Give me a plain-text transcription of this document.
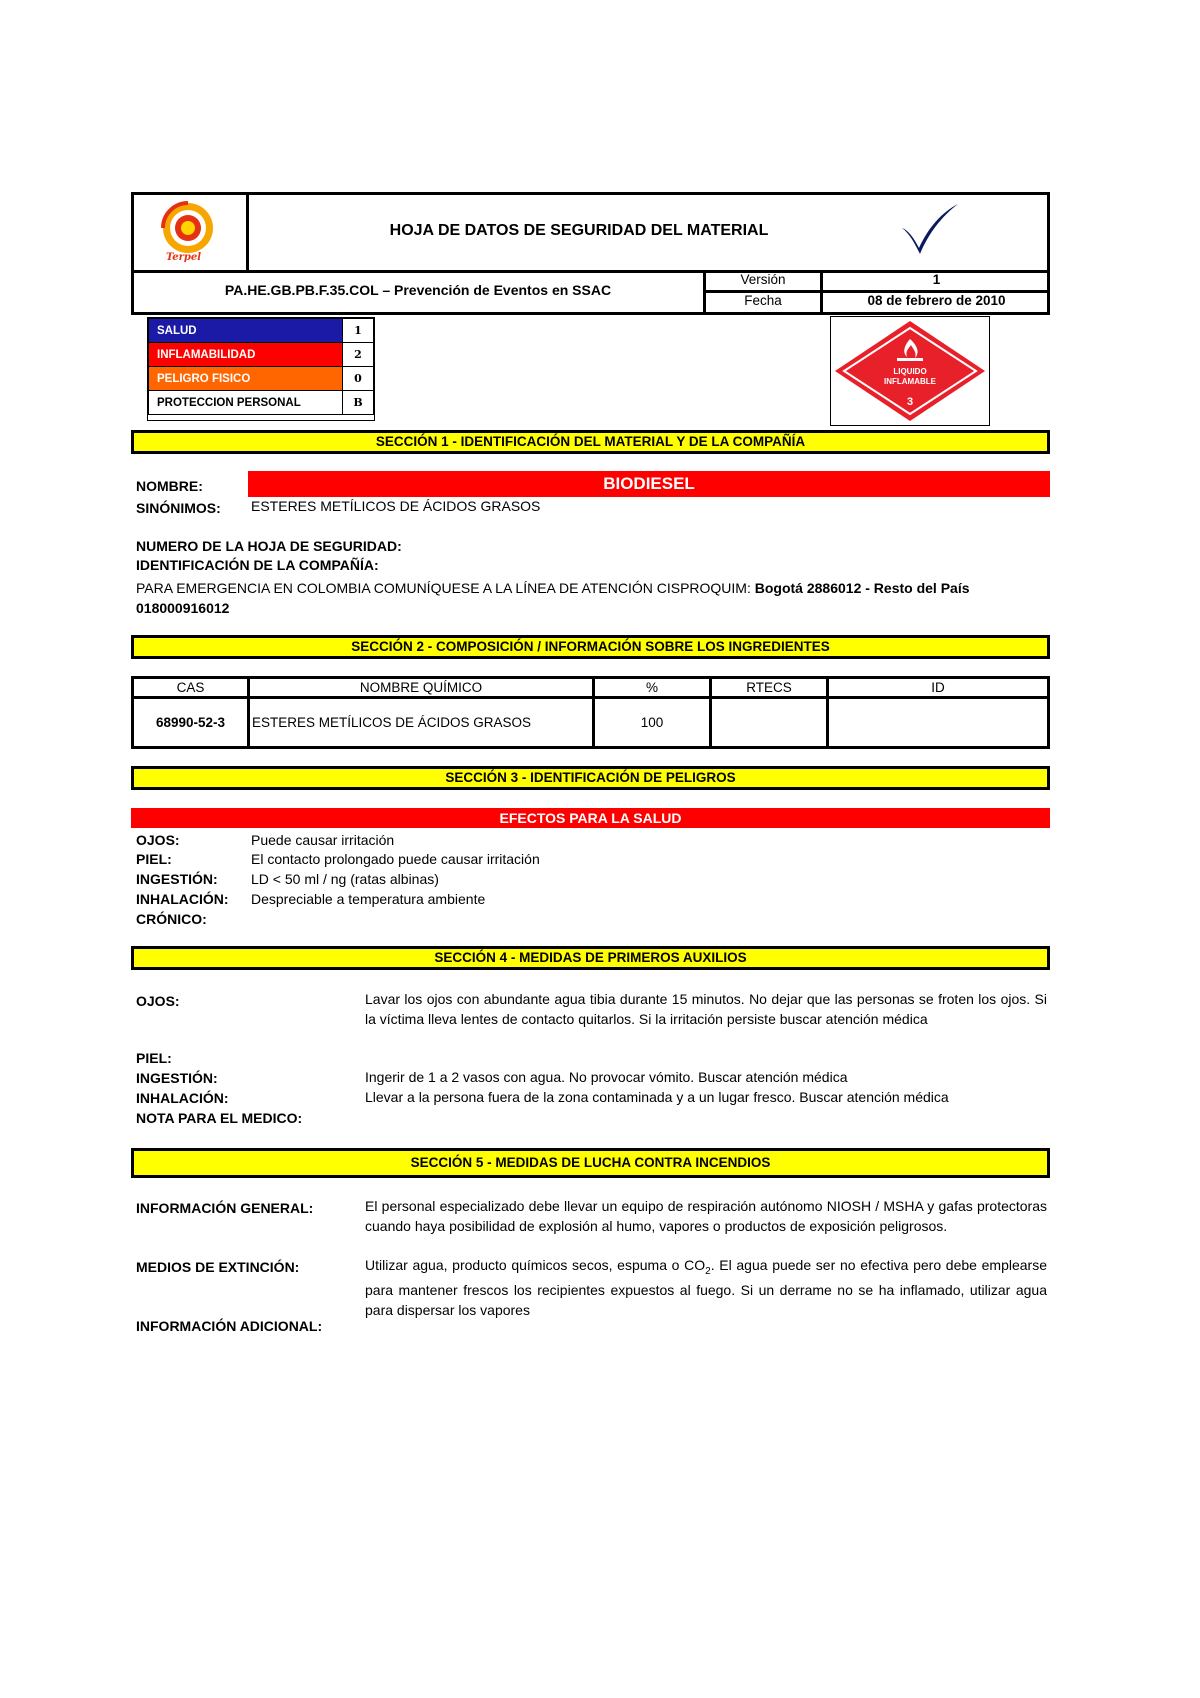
Terpel
HOJA DE DATOS DE SEGURIDAD DEL MATERIAL
PA.HE.GB.PB.F.35.COL – Prevención de Eventos en SSAC
Versión	1
Fecha	08 de febrero de 2010
SALUD	1
INFLAMABILIDAD	2
PELIGRO FISICO	0
PROTECCION PERSONAL	B
LIQUIDO
INFLAMABLE
3
SECCIÓN 1 - IDENTIFICACIÓN DEL MATERIAL Y DE LA COMPAÑÍA
NOMBRE:	BIODIESEL
SINÓNIMOS: ESTERES METÍLICOS DE ÁCIDOS GRASOS
NUMERO DE LA HOJA DE SEGURIDAD:
IDENTIFICACIÓN DE LA COMPAÑÍA:
PARA EMERGENCIA EN COLOMBIA COMUNÍQUESE A LA LÍNEA DE ATENCIÓN CISPROQUIM: Bogotá 2886012 - Resto del País 018000916012
SECCIÓN 2 - COMPOSICIÓN / INFORMACIÓN SOBRE LOS INGREDIENTES
CAS	NOMBRE QUÍMICO	%	RTECS	ID
68990-52-3	ESTERES METÍLICOS DE ÁCIDOS GRASOS	100		
SECCIÓN 3 - IDENTIFICACIÓN DE PELIGROS
EFECTOS PARA LA SALUD
OJOS:	Puede causar irritación
PIEL:	El contacto prolongado puede causar irritación
INGESTIÓN: LD < 50 ml / ng (ratas albinas)
INHALACIÓN: Despreciable a temperatura ambiente
CRÓNICO:
SECCIÓN 4 - MEDIDAS DE PRIMEROS AUXILIOS
OJOS:	Lavar los ojos con abundante agua tibia durante 15 minutos. No dejar que las personas se froten los ojos. Si la víctima lleva lentes de contacto quitarlos. Si la irritación persiste buscar atención médica
PIEL:
INGESTIÓN:	Ingerir de 1 a 2 vasos con agua. No provocar vómito. Buscar atención médica
INHALACIÓN:	Llevar a la persona fuera de la zona contaminada y a un lugar fresco. Buscar atención médica
NOTA PARA EL MEDICO:
SECCIÓN 5 - MEDIDAS DE LUCHA CONTRA INCENDIOS
INFORMACIÓN GENERAL:	El personal especializado debe llevar un equipo de respiración autónomo NIOSH / MSHA y gafas protectoras cuando haya posibilidad de explosión al humo, vapores o productos de exposición peligrosos.
MEDIOS DE EXTINCIÓN:	Utilizar agua, producto químicos secos, espuma o $CO_2$. El agua puede ser no efectiva pero debe emplearse para mantener frescos los recipientes expuestos al fuego. Si un derrame no se ha inflamado, utilizar agua para dispersar los vapores
INFORMACIÓN ADICIONAL:
